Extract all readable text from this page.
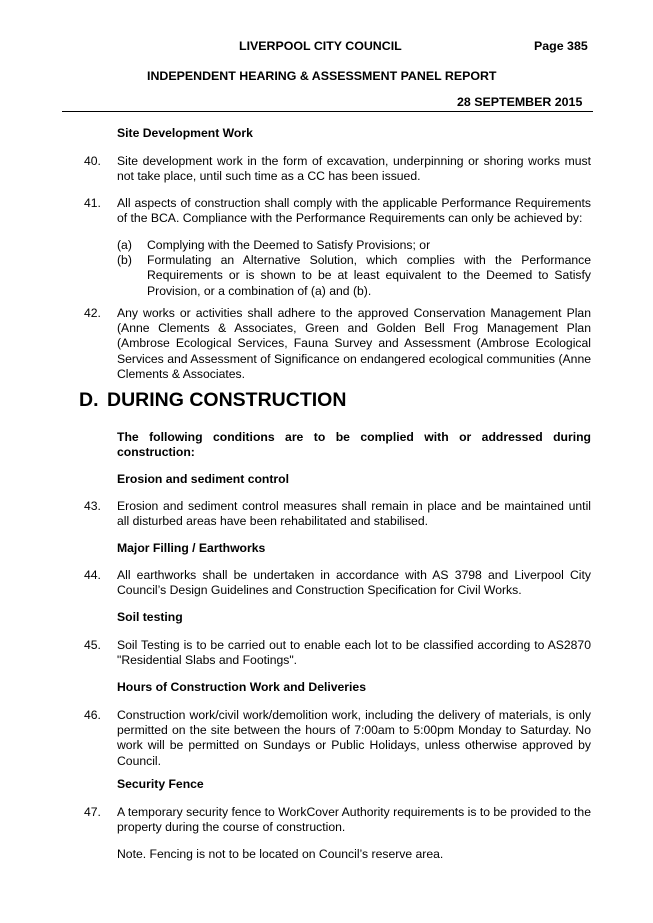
LIVERPOOL CITY COUNCIL	Page 385
INDEPENDENT HEARING & ASSESSMENT PANEL REPORT
28 SEPTEMBER 2015
Site Development Work
40.	Site development work in the form of excavation, underpinning or shoring works must not take place, until such time as a CC has been issued.
41.	All aspects of construction shall comply with the applicable Performance Requirements of the BCA. Compliance with the Performance Requirements can only be achieved by:
(a)	Complying with the Deemed to Satisfy Provisions; or
(b)	Formulating an Alternative Solution, which complies with the Performance Requirements or is shown to be at least equivalent to the Deemed to Satisfy Provision, or a combination of (a) and (b).
42.	Any works or activities shall adhere to the approved Conservation Management Plan (Anne Clements & Associates, Green and Golden Bell Frog Management Plan (Ambrose Ecological Services, Fauna Survey and Assessment (Ambrose Ecological Services and Assessment of Significance on endangered ecological communities (Anne Clements & Associates.
D. DURING CONSTRUCTION
The following conditions are to be complied with or addressed during construction:
Erosion and sediment control
43.	Erosion and sediment control measures shall remain in place and be maintained until all disturbed areas have been rehabilitated and stabilised.
Major Filling / Earthworks
44.	All earthworks shall be undertaken in accordance with AS 3798 and Liverpool City Council’s Design Guidelines and Construction Specification for Civil Works.
Soil testing
45.	Soil Testing is to be carried out to enable each lot to be classified according to AS2870 "Residential Slabs and Footings".
Hours of Construction Work and Deliveries
46.	Construction work/civil work/demolition work, including the delivery of materials, is only permitted on the site between the hours of 7:00am to 5:00pm Monday to Saturday. No work will be permitted on Sundays or Public Holidays, unless otherwise approved by Council.
Security Fence
47.	A temporary security fence to WorkCover Authority requirements is to be provided to the property during the course of construction.
Note. Fencing is not to be located on Council’s reserve area.
